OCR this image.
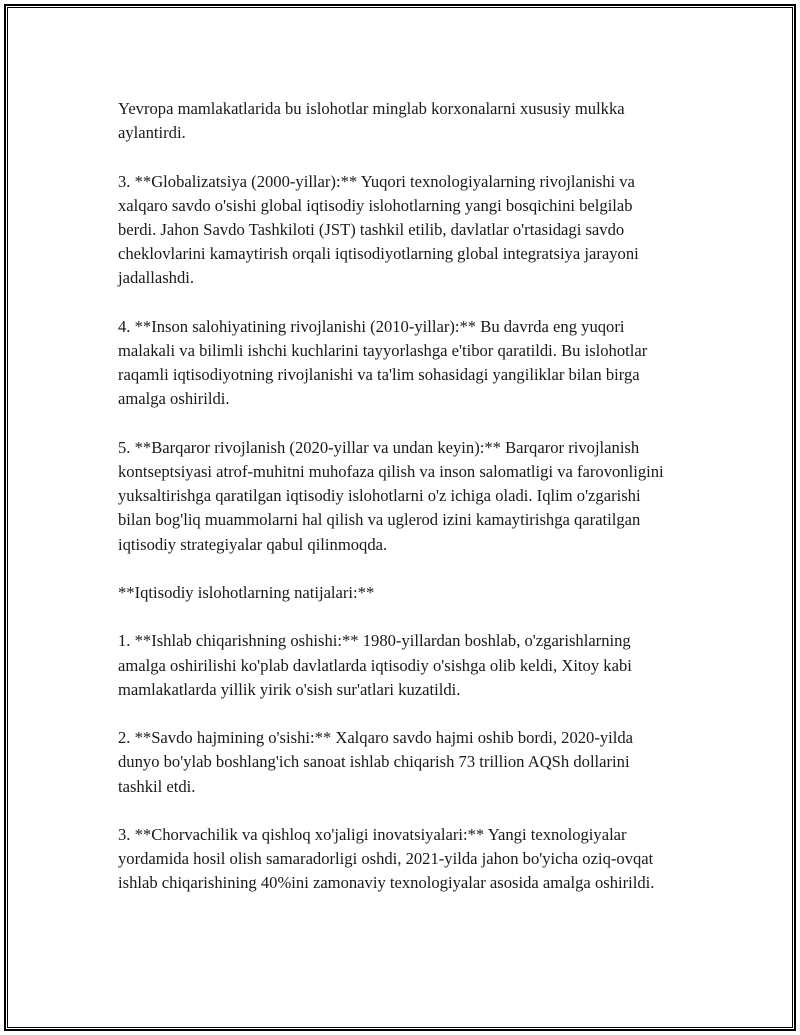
Yevropa mamlakatlarida bu islohotlar minglab korxonalarni xususiy mulkka aylantirdi.

3. **Globalizatsiya (2000-yillar):** Yuqori texnologiyalarning rivojlanishi va xalqaro savdo o'sishi global iqtisodiy islohotlarning yangi bosqichini belgilab berdi. Jahon Savdo Tashkiloti (JST) tashkil etilib, davlatlar o'rtasidagi savdo cheklovlarini kamaytirish orqali iqtisodiyotlarning global integratsiya jarayoni jadallashdi.

4. **Inson salohiyatining rivojlanishi (2010-yillar):** Bu davrda eng yuqori malakali va bilimli ishchi kuchlarini tayyorlashga e'tibor qaratildi. Bu islohotlar raqamli iqtisodiyotning rivojlanishi va ta'lim sohasidagi yangiliklar bilan birga amalga oshirildi.

5. **Barqaror rivojlanish (2020-yillar va undan keyin):** Barqaror rivojlanish kontseptsiyasi atrof-muhitni muhofaza qilish va inson salomatligi va farovonligini yuksaltirishga qaratilgan iqtisodiy islohotlarni o'z ichiga oladi. Iqlim o'zgarishi bilan bog'liq muammolarni hal qilish va uglerod izini kamaytirishga qaratilgan iqtisodiy strategiyalar qabul qilinmoqda.

**Iqtisodiy islohotlarning natijalari:**

1. **Ishlab chiqarishning oshishi:** 1980-yillardan boshlab, o'zgarishlarning amalga oshirilishi ko'plab davlatlarda iqtisodiy o'sishga olib keldi, Xitoy kabi mamlakatlarda yillik yirik o'sish sur'atlari kuzatildi.

2. **Savdo hajmining o'sishi:** Xalqaro savdo hajmi oshib bordi, 2020-yilda dunyo bo'ylab boshlang'ich sanoat ishlab chiqarish 73 trillion AQSh dollarini tashkil etdi.

3. **Chorvachilik va qishloq xo'jaligi inovatsiyalari:** Yangi texnologiyalar yordamida hosil olish samaradorligi oshdi, 2021-yilda jahon bo'yicha oziq-ovqat ishlab chiqarishining 40%ini zamonaviy texnologiyalar asosida amalga oshirildi.
